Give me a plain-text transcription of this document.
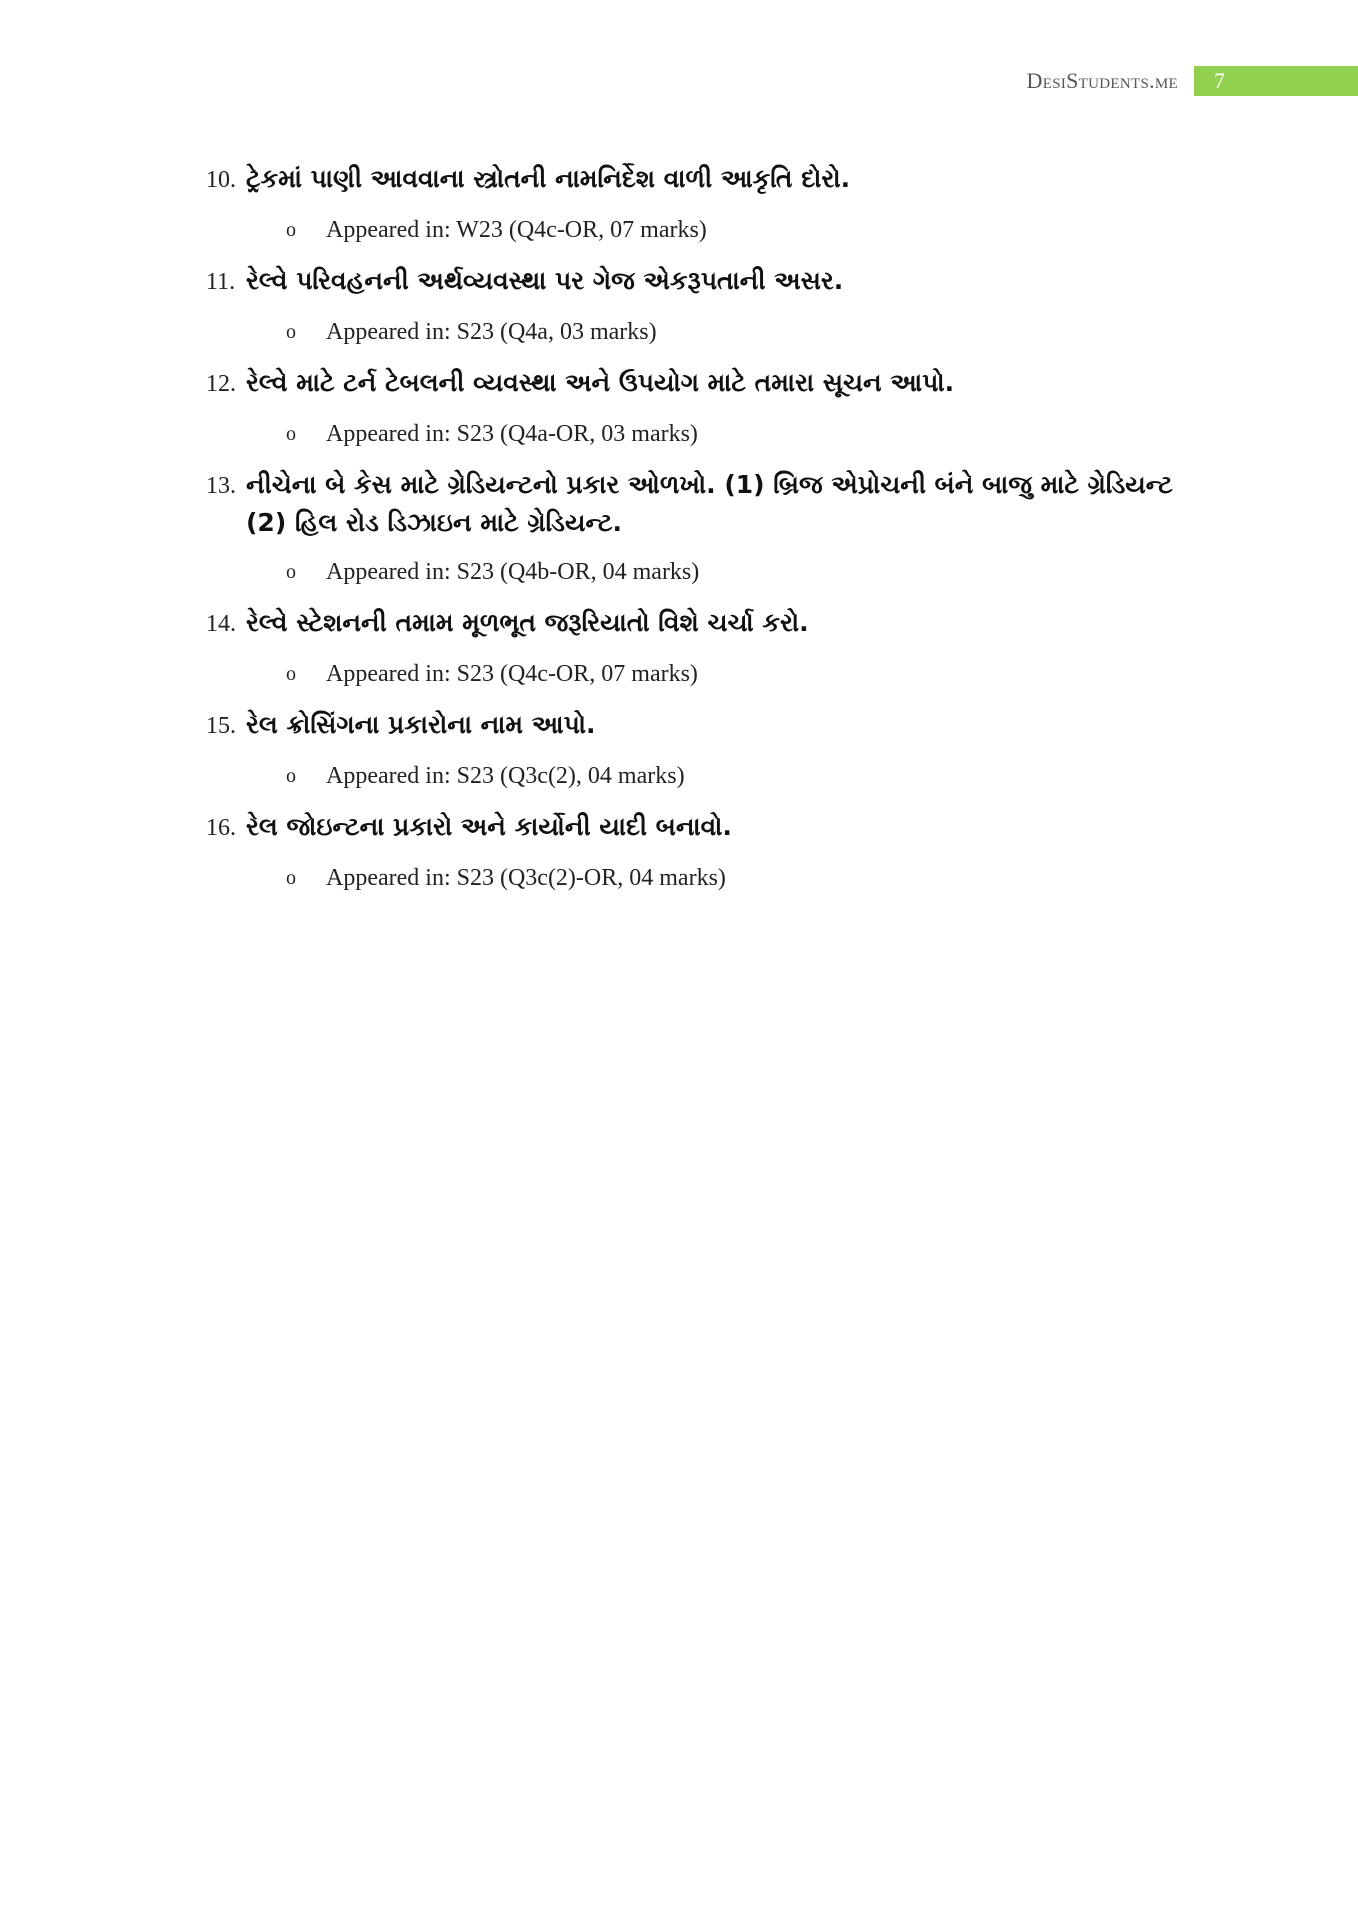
DesiStudents.me	7
10. ટ્રેકમાં પાણી આવવાના સ્ત્રોતની નામનિર્દેશ વાળી આકૃતિ દોરો.
o	Appeared in: W23 (Q4c-OR, 07 marks)
11. રેલ્વે પરિવહનની અર્થવ્યવસ્થા પર ગેજ એકરૂપતાની અસર.
o	Appeared in: S23 (Q4a, 03 marks)
12. રેલ્વે માટે ટર્ન ટેબલની વ્યવસ્થા અને ઉપયોગ માટે તમારા સૂચન આપો.
o	Appeared in: S23 (Q4a-OR, 03 marks)
13. નીચેના બે કેસ માટે ગ્રેડિયન્ટનો પ્રકાર ઓળખો. (1) બ્રિજ એપ્રોચની બંને બાજુ માટે ગ્રેડિયન્ટ (2) હિલ રોડ ડિઝાઇન માટે ગ્રેડિયન્ટ.
o	Appeared in: S23 (Q4b-OR, 04 marks)
14. રેલ્વે સ્ટેશનની તમામ મૂળભૂત જરૂરિયાતો વિશે ચર્ચા કરો.
o	Appeared in: S23 (Q4c-OR, 07 marks)
15. રેલ ક્રોસિંગના પ્રકારોના નામ આપો.
o	Appeared in: S23 (Q3c(2), 04 marks)
16. રેલ જોઇન્ટના પ્રકારો અને કાર્યોની યાદી બનાવો.
o	Appeared in: S23 (Q3c(2)-OR, 04 marks)
